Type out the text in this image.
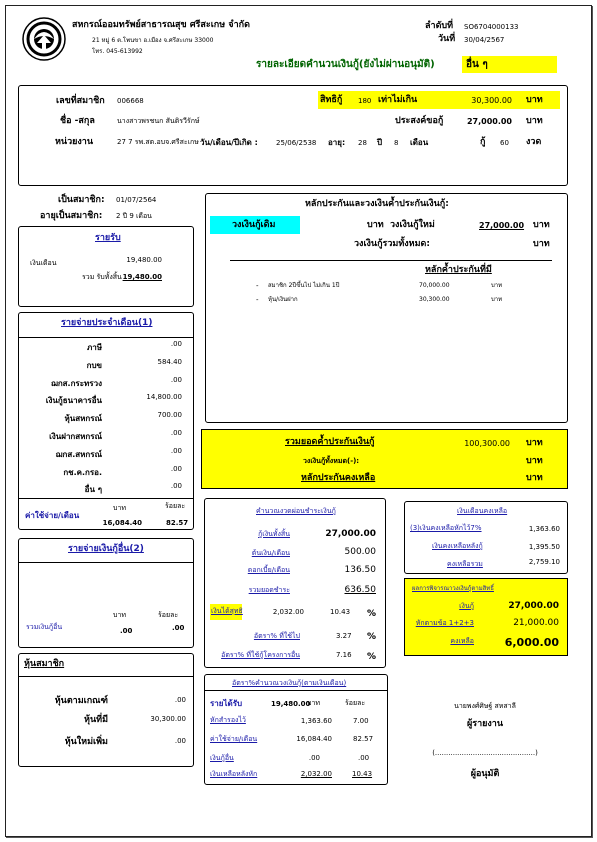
สหกรณ์ออมทรัพย์สาธารณสุข ศรีสะเกษ จำกัด
21 หมู่ 6 ต.โพนขา อ.เมือง จ.ศรีสะเกษ 33000
โทร. 045-613992
ลำดับที่ SO6704000133
วันที่ 30/04/2567
รายละเอียดคำนวนเงินกู้(ยังไม่ผ่านอนุมัติ)	อื่น ๆ
เลขที่สมาชิก 006668
ชื่อ -สกุล	นางสาวพรชนก สันติรวีรักษ์
หน่วยงาน	27 7 รพ.สต.อบจ.ศรีสะเกษ วัน/เดือน/ปีเกิด :	25/06/2538 อายุ: 28 ปี 8 เดือน
สิทธิกู้ 180 เท่าไม่เกิน	30,300.00 บาท
ประสงค์ขอกู้	27,000.00 บาท
กู้ 60 งวด
เป็นสมาชิก: 01/07/2564
อายุเป็นสมาชิก: 2 ปี 9 เดือน
รายรับ
เงินเดือน	19,480.00
รวม รับทั้งสิ้น 19,480.00
รายจ่ายประจำเดือน(1)
ภาษี	.00
กบข	584.40
ฌกส.กระทรวง	.00
เงินกู้ธนาคารอื่น	14,800.00
หุ้นสหกรณ์	700.00
เงินฝากสหกรณ์	.00
ฌกส.สหกรณ์	.00
กช.ค.กรอ.	.00
อื่น ๆ	.00
ค่าใช้จ่าย/เดือน
บาท	ร้อยละ
16,084.40	82.57
รายจ่ายเงินกู้อื่น(2)
บาท	ร้อยละ
รวมเงินกู้อื่น	.00	.00
หุ้นสมาชิก
หุ้นตามเกณฑ์	.00
หุ้นที่มี	30,300.00
หุ้นใหม่เพิ่ม	.00
หลักประกันและวงเงินค้ำประกันเงินกู้:
วงเงินกู้เดิม	บาท วงเงินกู้ใหม่	27,000.00 บาท
วงเงินกู้รวมทั้งหมด:	บาท
หลักค้ำประกันที่มี
- สมาชิก 2ปีขึ้นไป ไม่เกิน 1ปี	70,000.00	บาท
- หุ้น/เงินฝาก	30,300.00	บาท
รวมยอดค้ำประกันเงินกู้	100,300.00 บาท
วงเงินกู้ทั้งหมด(-):	บาท
หลักประกันคงเหลือ	บาท
คำนวณงวดผ่อนชำระเงินกู้
กู้เงินทั้งสิ้น	27,000.00
ต้นเงิน/เดือน	500.00
ดอกเบี้ย/เดือน	136.50
รวมยอดชำระ	636.50
เงินได้สุทธิ	2,032.00	10.43 %
อัตรา% ที่ใช้ไป	3.27 %
อัตรา% ที่ใช้กู้โครงการอื่น	7.16 %
เงินเดือนคงเหลือ
(3)เงินคงเหลือหักไว้7%	1,363.60
เงินคงเหลือหลังกู้	1,395.50
คงเหลือรวม	2,759.10
ผลการพิจารณาวงเงินกู้ตามสิทธิ์
เงินกู้	27,000.00
หักตามข้อ 1+2+3	21,000.00
คงเหลือ	6,000.00
อัตรา%คำนวณวงเงินกู้(ตามเงินเดือน)
รายได้รับ	19,480.00
บาท	ร้อยละ
หักสำรองไว้	1,363.60	7.00
ค่าใช้จ่าย/เดือน	16,084.40	82.57
เงินกู้อื่น	.00	.00
เงินเหลือหลังหัก	2,032.00	10.43
นายพงศ์ศิษฐ์ สหสาลี
ผู้รายงาน
(.............................................)
ผู้อนุมัติ
